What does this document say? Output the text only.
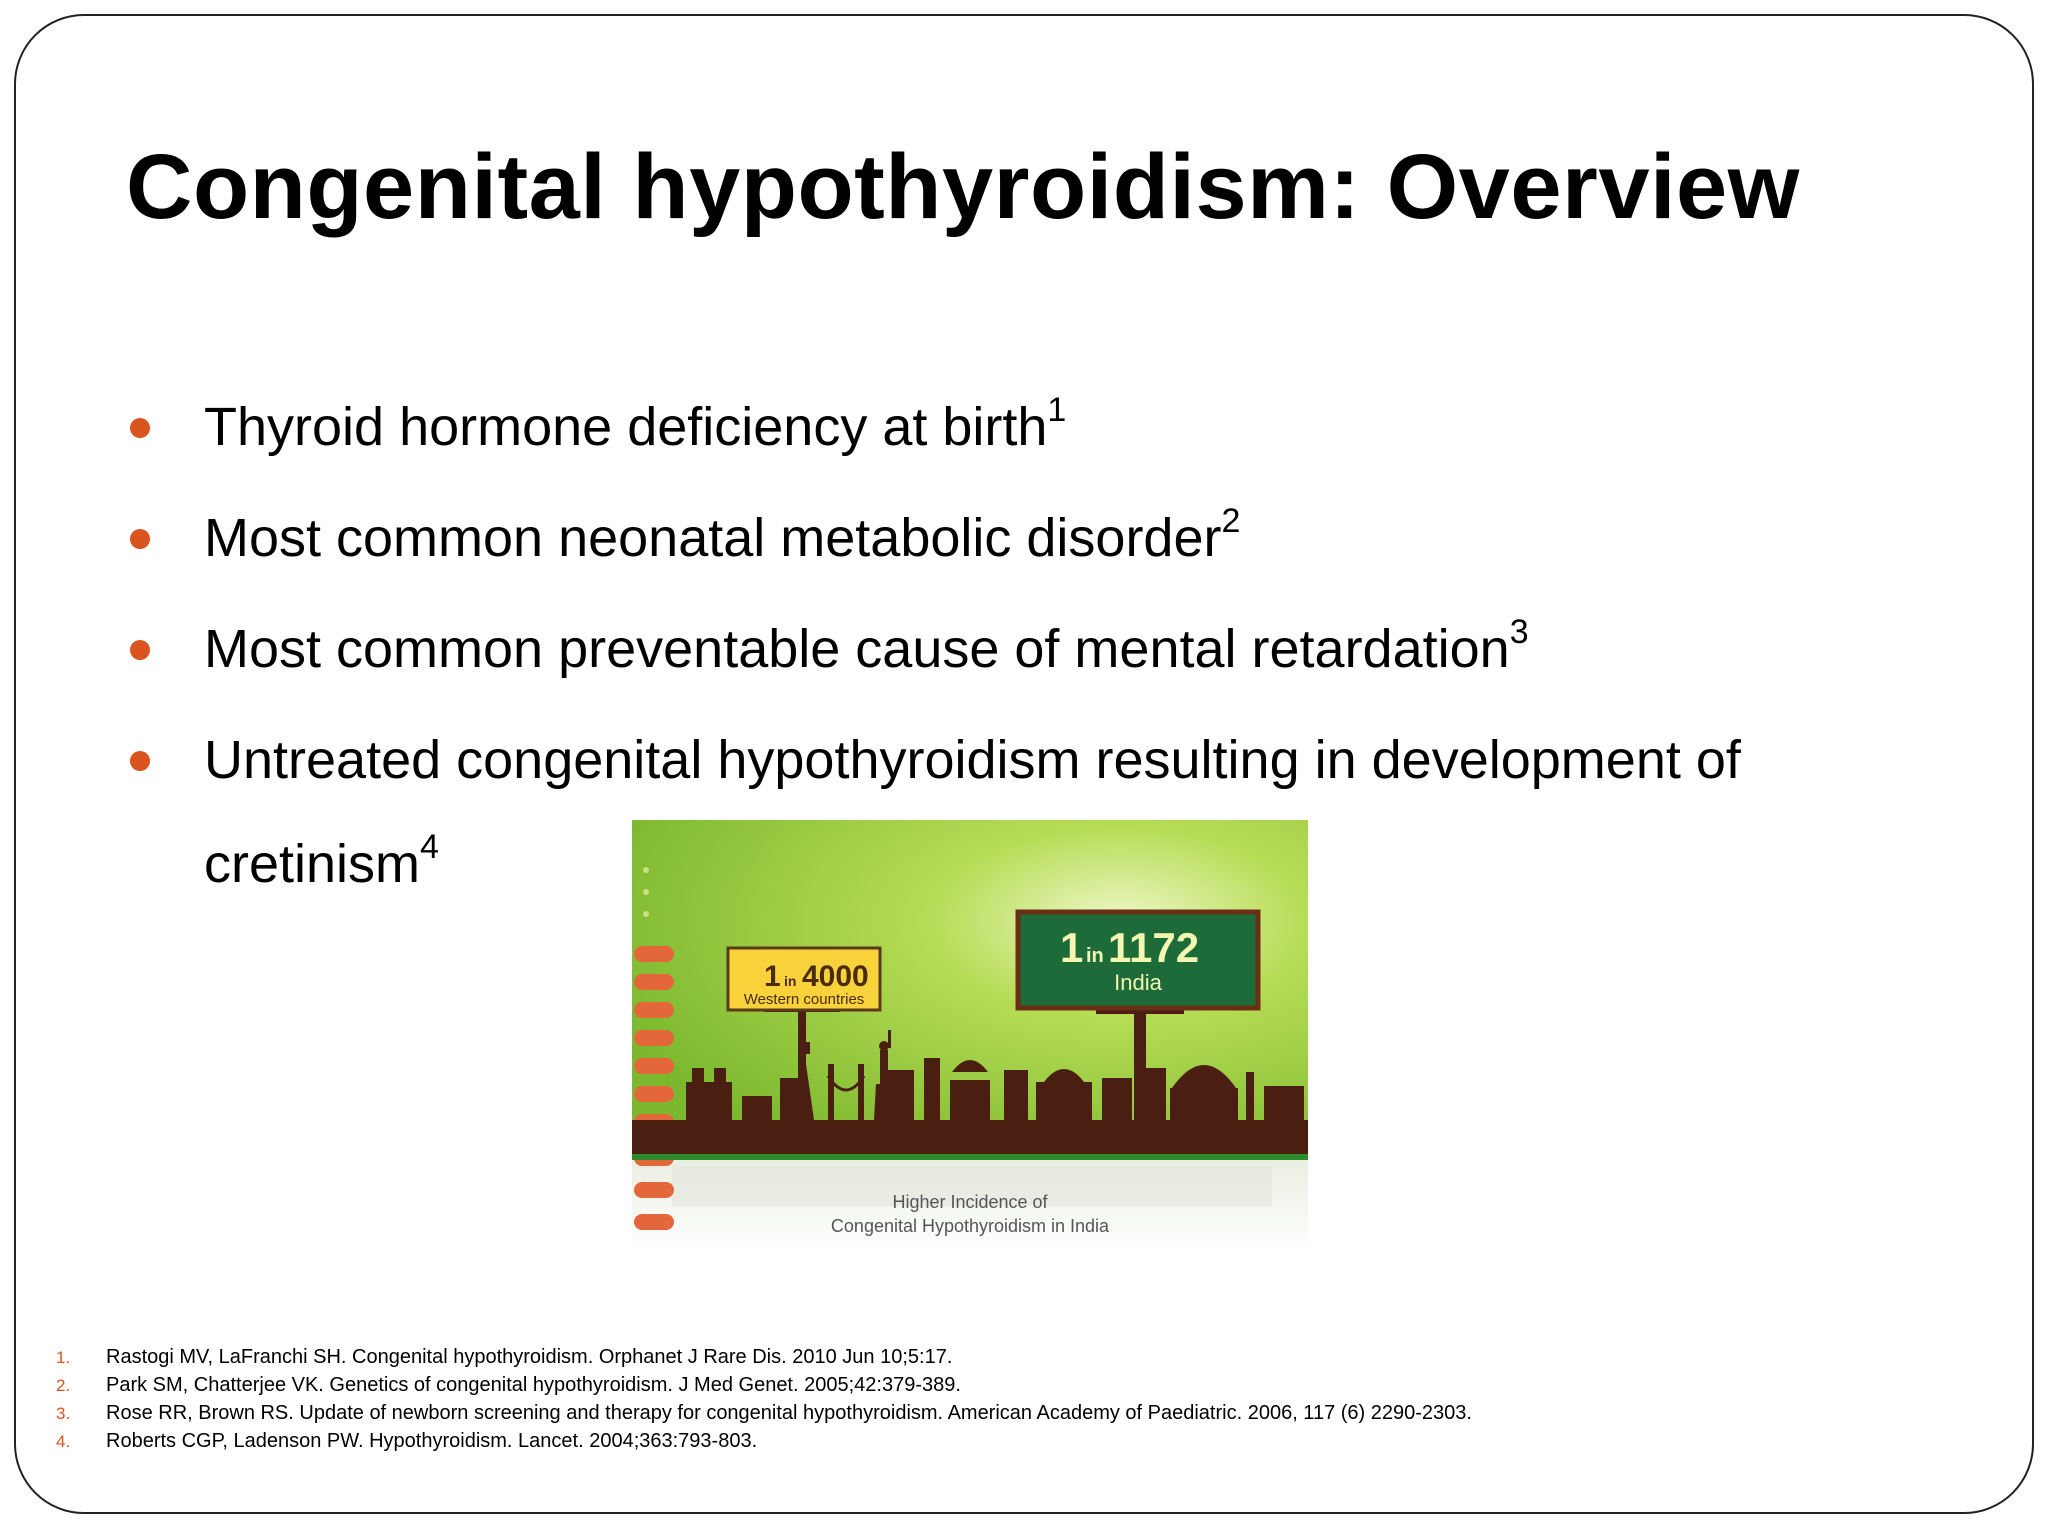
Congenital hypothyroidism: Overview
Thyroid hormone deficiency at birth$^1$
Most common neonatal metabolic disorder$^2$
Most common preventable cause of mental retardation$^3$
Untreated congenital hypothyroidism resulting in development of
cretinism$^4$
1 in 4000
Western countries
1 in 1172
India
Higher Incidence of
Congenital Hypothyroidism in India
1. Rastogi MV, LaFranchi SH. Congenital hypothyroidism. Orphanet J Rare Dis. 2010 Jun 10;5:17.
2. Park SM, Chatterjee VK. Genetics of congenital hypothyroidism. J Med Genet. 2005;42:379-389.
3. Rose RR, Brown RS. Update of newborn screening and therapy for congenital hypothyroidism. American Academy of Paediatric. 2006, 117 (6) 2290-2303.
4. Roberts CGP, Ladenson PW. Hypothyroidism. Lancet. 2004;363:793-803.
